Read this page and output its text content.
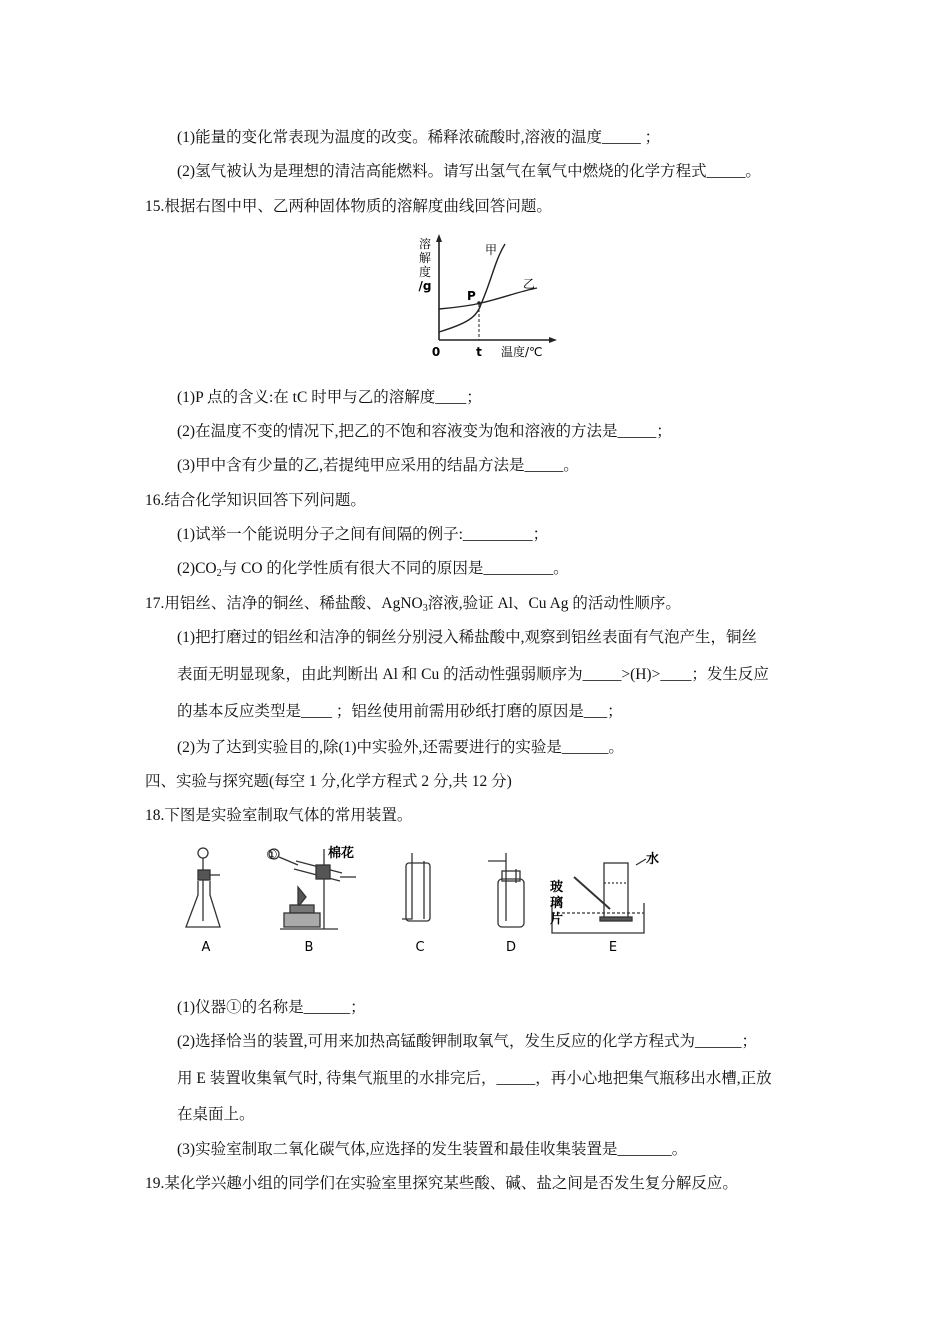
(1)能量的变化常表现为温度的改变。稀释浓硫酸时,溶液的温度_____ ；
(2)氢气被认为是理想的清洁高能燃料。请写出氢气在氧气中燃烧的化学方程式_____。
15.根据右图中甲、乙两种固体物质的溶解度曲线回答问题。
溶
解
度
/g
甲
乙
P
0	t 温度/℃
(1)P 点的含义:在 tC 时甲与乙的溶解度____；
(2)在温度不变的情况下,把乙的不饱和容液变为饱和溶液的方法是_____；
(3)甲中含有少量的乙,若提纯甲应采用的结晶方法是_____。
16.结合化学知识回答下列问题。
(1)试举一个能说明分子之间有间隔的例子:_________；
$(2)CO_2$与 CO 的化学性质有很大不同的原因是_________。
17.用铝丝、洁净的铜丝、稀盐酸、AgNO$_3$溶液,验证 Al、Cu Ag 的活动性顺序。
(1)把打磨过的铝丝和洁净的铜丝分别浸入稀盐酸中,观察到铝丝表面有气泡产生，铜丝
表面无明显现象，由此判断出 Al 和 Cu 的活动性强弱顺序为_____>(H)>____；发生反应
的基本反应类型是____ ；铝丝使用前需用砂纸打磨的原因是___；
(2)为了达到实验目的,除(1)中实验外,还需要进行的实验是______。
四、实验与探究题(每空 1 分,化学方程式 2 分,共 12 分)
18.下图是实验室制取气体的常用装置。
棉花
①	水
玻
璃
片
A	B	C	D	E
(1)仪器①的名称是______；
(2)选择恰当的装置,可用来加热高锰酸钾制取氧气，发生反应的化学方程式为______；
用 E 装置收集氧气时, 待集气瓶里的水排完后，_____，再小心地把集气瓶移出水槽,正放
在桌面上。
(3)实验室制取二氧化碳气体,应选择的发生装置和最佳收集装置是_______。
19.某化学兴趣小组的同学们在实验室里探究某些酸、碱、盐之间是否发生复分解反应。
